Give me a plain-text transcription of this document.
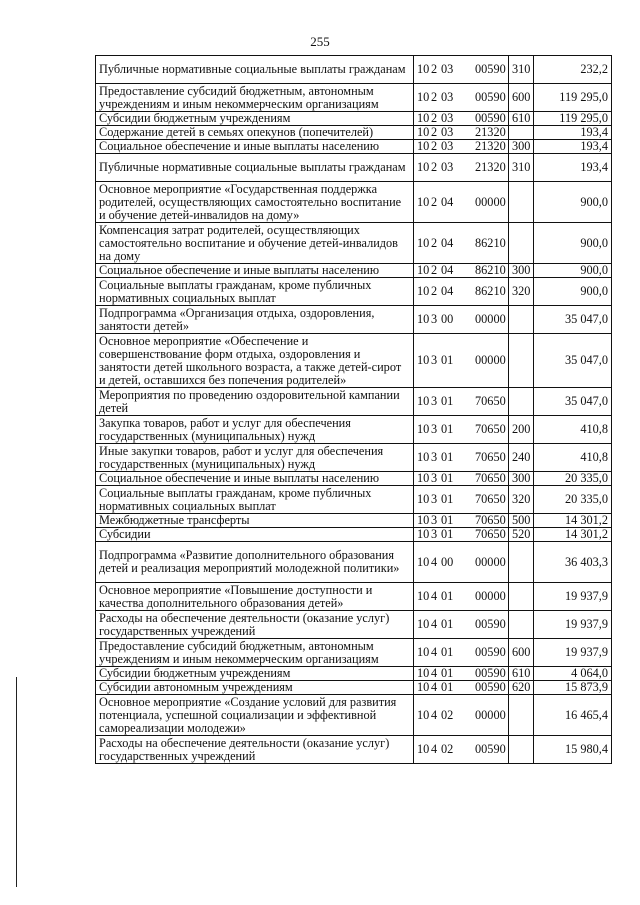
255
Публичные нормативные социальные выплаты гражданам	10 2 03 00590	310	232,2
Предоставление субсидий бюджетным, автономным учреждениям и иным некоммерческим организациям	10 2 03 00590	600	119 295,0
Субсидии бюджетным учреждениям	10 2 03 00590	610	119 295,0
Содержание детей в семьях опекунов (попечителей)	10 2 03 21320		193,4
Социальное обеспечение и иные выплаты населению	10 2 03 21320	300	193,4
Публичные нормативные социальные выплаты гражданам	10 2 03 21320	310	193,4
Основное мероприятие «Государственная поддержка родителей, осуществляющих самостоятельно воспитание и обучение детей-инвалидов на дому»	10 2 04 00000		900,0
Компенсация затрат родителей, осуществляющих самостоятельно воспитание и обучение детей-инвалидов на дому	10 2 04 86210		900,0
Социальное обеспечение и иные выплаты населению	10 2 04 86210	300	900,0
Социальные выплаты гражданам, кроме публичных нормативных социальных выплат	10 2 04 86210	320	900,0
Подпрограмма «Организация отдыха, оздоровления, занятости детей»	10 3 00 00000		35 047,0
Основное мероприятие «Обеспечение и совершенствование форм отдыха, оздоровления и занятости детей школьного возраста, а также детей-сирот и детей, оставшихся без попечения родителей»	10 3 01 00000		35 047,0
Мероприятия по проведению оздоровительной кампании детей	10 3 01 70650		35 047,0
Закупка товаров, работ и услуг для обеспечения государственных (муниципальных) нужд	10 3 01 70650	200	410,8
Иные закупки товаров, работ и услуг для обеспечения государственных (муниципальных) нужд	10 3 01 70650	240	410,8
Социальное обеспечение и иные выплаты населению	10 3 01 70650	300	20 335,0
Социальные выплаты гражданам, кроме публичных нормативных социальных выплат	10 3 01 70650	320	20 335,0
Межбюджетные трансферты	10 3 01 70650	500	14 301,2
Субсидии	10 3 01 70650	520	14 301,2
Подпрограмма «Развитие дополнительного образования детей и реализация мероприятий молодежной политики»	10 4 00 00000		36 403,3
Основное мероприятие «Повышение доступности и качества дополнительного образования детей»	10 4 01 00000		19 937,9
Расходы на обеспечение деятельности (оказание услуг) государственных учреждений	10 4 01 00590		19 937,9
Предоставление субсидий бюджетным, автономным учреждениям и иным некоммерческим организациям	10 4 01 00590	600	19 937,9
Субсидии бюджетным учреждениям	10 4 01 00590	610	4 064,0
Субсидии автономным учреждениям	10 4 01 00590	620	15 873,9
Основное мероприятие «Создание условий для развития потенциала, успешной социализации и эффективной самореализации молодежи»	10 4 02 00000		16 465,4
Расходы на обеспечение деятельности (оказание услуг) государственных учреждений	10 4 02 00590		15 980,4
